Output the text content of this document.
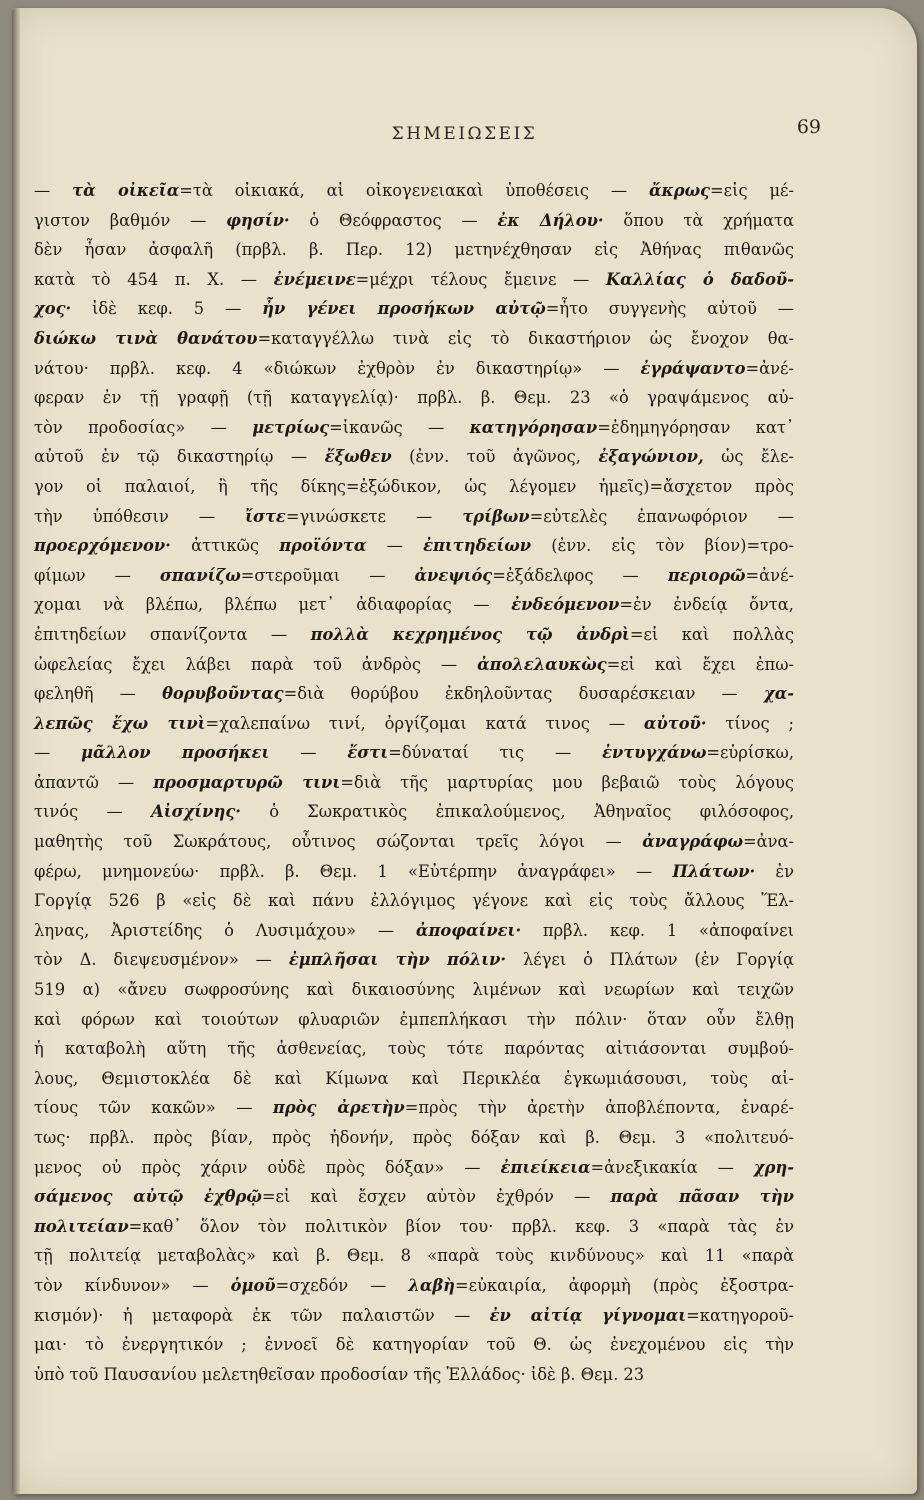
ΣΗΜΕΙΩΣΕΙΣ	69
— τὰ οἰκεῖα=τὰ οἰκιακά, αἱ οἰκογενειακαὶ ὑποθέσεις — ἄκρως=εἰς μέ-
γιστον βαθμόν — φησίν· ὁ Θεόφραστος — ἐκ Δήλου· ὅπου τὰ χρήματα
δὲν ἦσαν ἀσφαλῆ (πρβλ. β. Περ. 12) μετηνέχθησαν εἰς Ἀθήνας πιθανῶς
κατὰ τὸ 454 π. Χ. — ἐνέμεινε=μέχρι τέλους ἔμεινε — Καλλίας ὁ δαδοῦ-
χος· ἰδὲ κεφ. 5 — ἦν γένει προσήκων αὐτῷ=ἦτο συγγενὴς αὐτοῦ —
διώκω τινὰ θανάτου=καταγγέλλω τινὰ εἰς τὸ δικαστήριον ὡς ἔνοχον θα-
νάτου· πρβλ. κεφ. 4 «διώκων ἐχθρὸν ἐν δικαστηρίῳ» — ἐγράψαντο=ἀνέ-
φεραν ἐν τῇ γραφῇ (τῇ καταγγελίᾳ)· πρβλ. β. Θεμ. 23 «ὁ γραψάμενος αὐ-
τὸν προδοσίας» — μετρίως=ἱκανῶς — κατηγόρησαν=ἐδημηγόρησαν κατ᾽
αὐτοῦ ἐν τῷ δικαστηρίῳ — ἔξωθεν (ἐνν. τοῦ ἀγῶνος, ἐξαγώνιον, ὡς ἔλε-
γον οἱ παλαιοί, ἢ τῆς δίκης=ἐξώδικον, ὡς λέγομεν ἡμεῖς)=ἄσχετον πρὸς
τὴν ὑπόθεσιν — ἴστε=γινώσκετε — τρίβων=εὐτελὲς ἐπανωφόριον —
προερχόμενον· ἀττικῶς προϊόντα — ἐπιτηδείων (ἐνν. εἰς τὸν βίον)=τρο-
φίμων — σπανίζω=στεροῦμαι — ἀνεψιός=ἐξάδελφος — περιορῶ=ἀνέ-
χομαι νὰ βλέπω, βλέπω μετ᾽ ἀδιαφορίας — ἐνδεόμενον=ἐν ἐνδείᾳ ὄντα,
ἐπιτηδείων σπανίζοντα — πολλὰ κεχρημένος τῷ ἀνδρὶ=εἰ καὶ πολλὰς
ὠφελείας ἔχει λάβει παρὰ τοῦ ἀνδρὸς — ἀπολελαυκὼς=εἰ καὶ ἔχει ἐπω-
φεληθῆ — θορυβοῦντας=διὰ θορύβου ἐκδηλοῦντας δυσαρέσκειαν — χα-
λεπῶς ἔχω τινὶ=χαλεπαίνω τινί, ὀργίζομαι κατά τινος — αὐτοῦ· τίνος ;
— μᾶλλον προσήκει — ἔστι=δύναταί τις — ἐντυγχάνω=εὑρίσκω,
ἀπαντῶ — προσμαρτυρῶ τινι=διὰ τῆς μαρτυρίας μου βεβαιῶ τοὺς λόγους
τινός — Αἰσχίνης· ὁ Σωκρατικὸς ἐπικαλούμενος, Ἀθηναῖος φιλόσοφος,
μαθητὴς τοῦ Σωκράτους, οὗτινος σώζονται τρεῖς λόγοι — ἀναγράφω=ἀνα-
φέρω, μνημονεύω· πρβλ. β. Θεμ. 1 «Εὐτέρπην ἀναγράφει» — Πλάτων· ἐν
Γοργίᾳ 526 β «εἰς δὲ καὶ πάνυ ἐλλόγιμος γέγονε καὶ εἰς τοὺς ἄλλους Ἕλ-
ληνας, Ἀριστείδης ὁ Λυσιμάχου» — ἀποφαίνει· πρβλ. κεφ. 1 «ἀποφαίνει
τὸν Δ. διεψευσμένον» — ἐμπλῆσαι τὴν πόλιν· λέγει ὁ Πλάτων (ἐν Γοργίᾳ
519 α) «ἄνευ σωφροσύνης καὶ δικαιοσύνης λιμένων καὶ νεωρίων καὶ τειχῶν
καὶ φόρων καὶ τοιούτων φλυαριῶν ἐμπεπλήκασι τὴν πόλιν· ὅταν οὖν ἔλθῃ
ἡ καταβολὴ αὕτη τῆς ἀσθενείας, τοὺς τότε παρόντας αἰτιάσονται συμβού-
λους, Θεμιστοκλέα δὲ καὶ Κίμωνα καὶ Περικλέα ἐγκωμιάσουσι, τοὺς αἰ-
τίους τῶν κακῶν» — πρὸς ἀρετὴν=πρὸς τὴν ἀρετὴν ἀποβλέποντα, ἐναρέ-
τως· πρβλ. πρὸς βίαν, πρὸς ἡδονήν, πρὸς δόξαν καὶ β. Θεμ. 3 «πολιτευό-
μενος οὐ πρὸς χάριν οὐδὲ πρὸς δόξαν» — ἐπιείκεια=ἀνεξικακία — χρη-
σάμενος αὐτῷ ἐχθρῷ=εἰ καὶ ἔσχεν αὐτὸν ἐχθρόν — παρὰ πᾶσαν τὴν
πολιτείαν=καθ᾽ ὅλον τὸν πολιτικὸν βίον του· πρβλ. κεφ. 3 «παρὰ τὰς ἐν
τῇ πολιτείᾳ μεταβολὰς» καὶ β. Θεμ. 8 «παρὰ τοὺς κινδύνους» καὶ 11 «παρὰ
τὸν κίνδυνον» — ὁμοῦ=σχεδόν — λαβὴ=εὐκαιρία, ἀφορμὴ (πρὸς ἐξοστρα-
κισμόν)· ἡ μεταφορὰ ἐκ τῶν παλαιστῶν — ἐν αἰτίᾳ γίγνομαι=κατηγοροῦ-
μαι· τὸ ἐνεργητικόν ; ἐννοεῖ δὲ κατηγορίαν τοῦ Θ. ὡς ἐνεχομένου εἰς τὴν
ὑπὸ τοῦ Παυσανίου μελετηθεῖσαν προδοσίαν τῆς Ἑλλάδος· ἰδὲ β. Θεμ. 23
